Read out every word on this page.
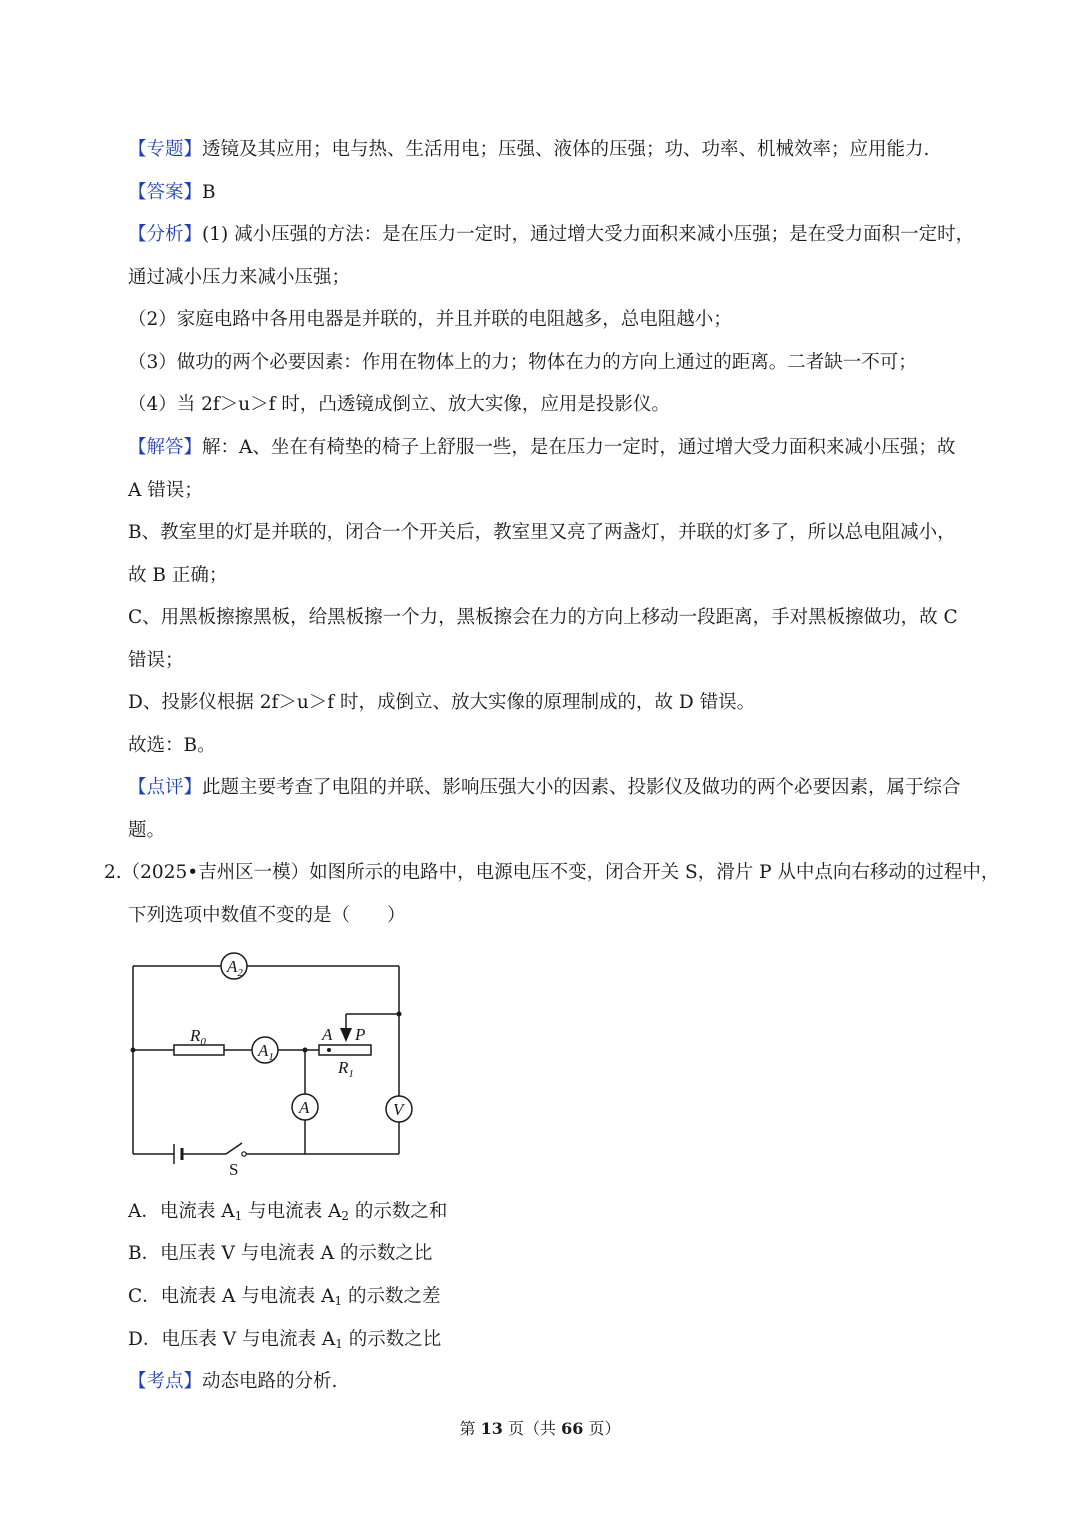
【专题】透镜及其应用；电与热、生活用电；压强、液体的压强；功、功率、机械效率；应用能力.
【答案】B
【分析】(1) 减小压强的方法：是在压力一定时，通过增大受力面积来减小压强；是在受力面积一定时，
通过减小压力来减小压强；
（2）家庭电路中各用电器是并联的，并且并联的电阻越多，总电阻越小；
（3）做功的两个必要因素：作用在物体上的力；物体在力的方向上通过的距离。二者缺一不可；
（4）当 2f＞u＞f 时，凸透镜成倒立、放大实像，应用是投影仪。
【解答】解：A、坐在有椅垫的椅子上舒服一些，是在压力一定时，通过增大受力面积来减小压强；故
A 错误；
B、教室里的灯是并联的，闭合一个开关后，教室里又亮了两盏灯，并联的灯多了，所以总电阻减小，
故 B 正确；
C、用黑板擦擦黑板，给黑板擦一个力，黑板擦会在力的方向上移动一段距离，手对黑板擦做功，故 C
错误；
D、投影仪根据 2f＞u＞f 时，成倒立、放大实像的原理制成的，故 D 错误。
故选：B。
【点评】此题主要考查了电阻的并联、影响压强大小的因素、投影仪及做功的两个必要因素，属于综合
题。
2.（2025•吉州区一模）如图所示的电路中，电源电压不变，闭合开关 S，滑片 P 从中点向右移动的过程中，
下列选项中数值不变的是（　　）
$A_2$
$A_1$
A	V
$R_0$	A P
$R_1$
S
A．电流表 $A_1$ 与电流表 $A_2$ 的示数之和
B．电压表 V 与电流表 A 的示数之比
C．电流表 A 与电流表 $A_1$ 的示数之差
D．电压表 V 与电流表 $A_1$ 的示数之比
【考点】动态电路的分析.
第 13 页（共 66 页）
